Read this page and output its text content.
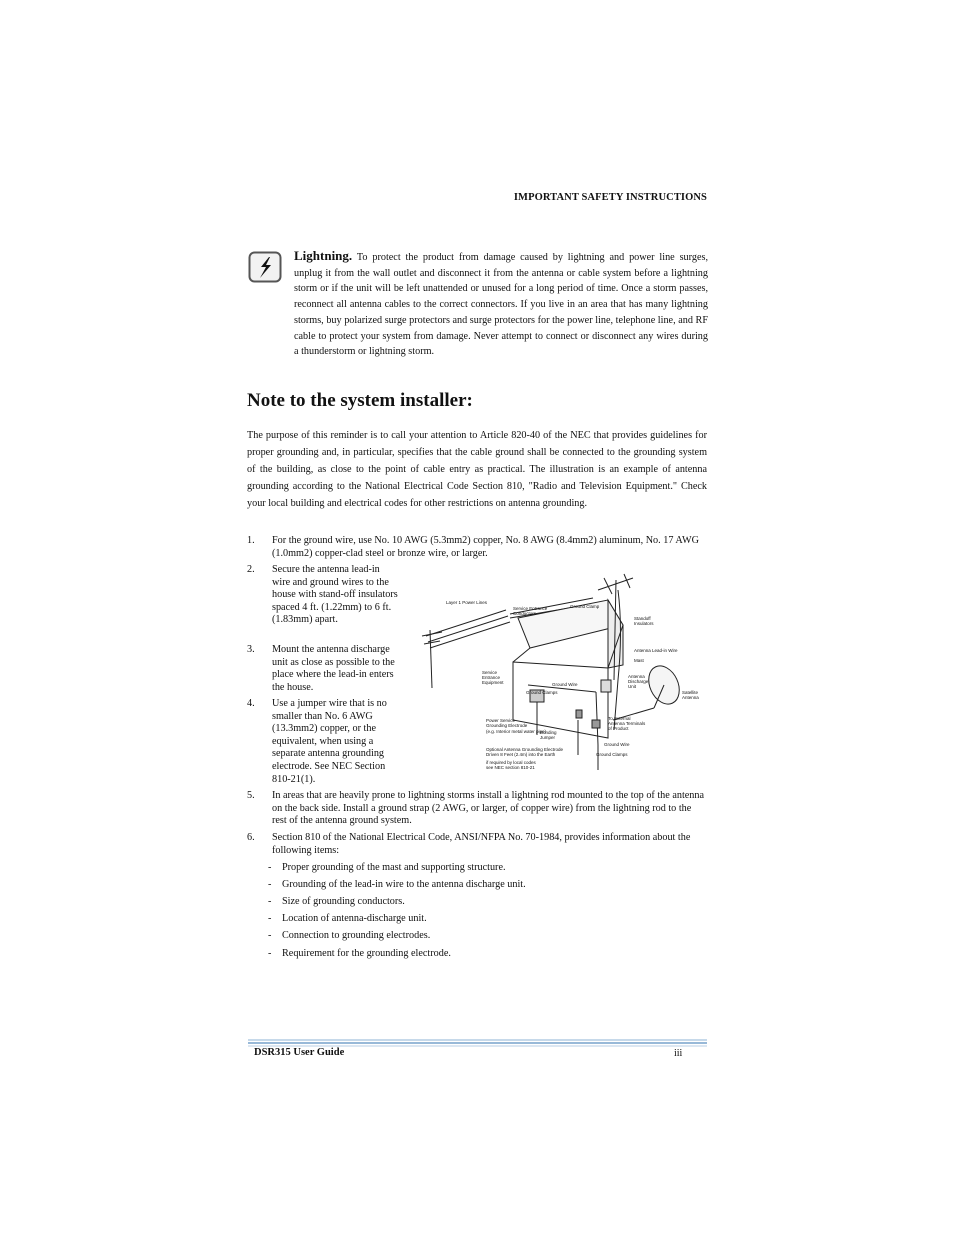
IMPORTANT SAFETY INSTRUCTIONS

Lightning. To protect the product from damage caused by lightning and power line surges, unplug it from the wall outlet and disconnect it from the antenna or cable system before a lightning storm or if the unit will be left unattended or unused for a long period of time. Once a storm passes, reconnect all antenna cables to the correct connectors. If you live in an area that has many lightning storms, buy polarized surge protectors and surge protectors for the power line, telephone line, and RF cable to protect your system from damage. Never attempt to connect or disconnect any wires during a thunderstorm or lightning storm.

Note to the system installer:

The purpose of this reminder is to call your attention to Article 820-40 of the NEC that provides guidelines for proper grounding and, in particular, specifies that the cable ground shall be connected to the grounding system of the building, as close to the point of cable entry as practical. The illustration is an example of antenna grounding according to the National Electrical Code Section 810, "Radio and Television Equipment." Check your local building and electrical codes for other restrictions on antenna grounding.

1. For the ground wire, use No. 10 AWG (5.3mm2) copper, No. 8 AWG (8.4mm2) aluminum, No. 17 AWG (1.0mm2) copper-clad steel or bronze wire, or larger.

2. Secure the antenna lead-in wire and ground wires to the house with stand-off insulators spaced 4 ft. (1.22mm) to 6 ft. (1.83mm) apart.

3. Mount the antenna discharge unit as close as possible to the place where the lead-in enters the house.

4. Use a jumper wire that is no smaller than No. 6 AWG (13.3mm2) copper, or the equivalent, when using a separate antenna grounding electrode. See NEC Section 810-21(1).

5. In areas that are heavily prone to lightning storms install a lightning rod mounted to the top of the antenna on the back side. Install a ground strap (2 AWG, or larger, of copper wire) from the lightning rod to the rest of the antenna ground system.

6. Section 810 of the National Electrical Code, ANSI/NFPA No. 70-1984, provides information about the following items:

- Proper grounding of the mast and supporting structure.
- Grounding of the lead-in wire to the antenna discharge unit.
- Size of grounding conductors.
- Location of antenna-discharge unit.
- Connection to grounding electrodes.
- Requirement for the grounding electrode.
Layer 1 Power Lines
Service Entrance Conductors
Ground Clamp
Standoff Insulators
Antenna Lead-in Wire
Mast
Antenna Discharge Unit
Satellite Antenna
Service Entrance Equipment	Ground Wire
Ground Clamps
Power Service Grounding Electrode
(e.g. Interior metal water pipe)
Bonding Jumper
To External Antenna Terminals of Product
Ground Wire
Ground Clamps
Optional Antenna Grounding Electrode Driven 8 Feet (2.4m) into the Earth
if required by local codes see NEC section 810-21
DSR315 User Guide	iii
